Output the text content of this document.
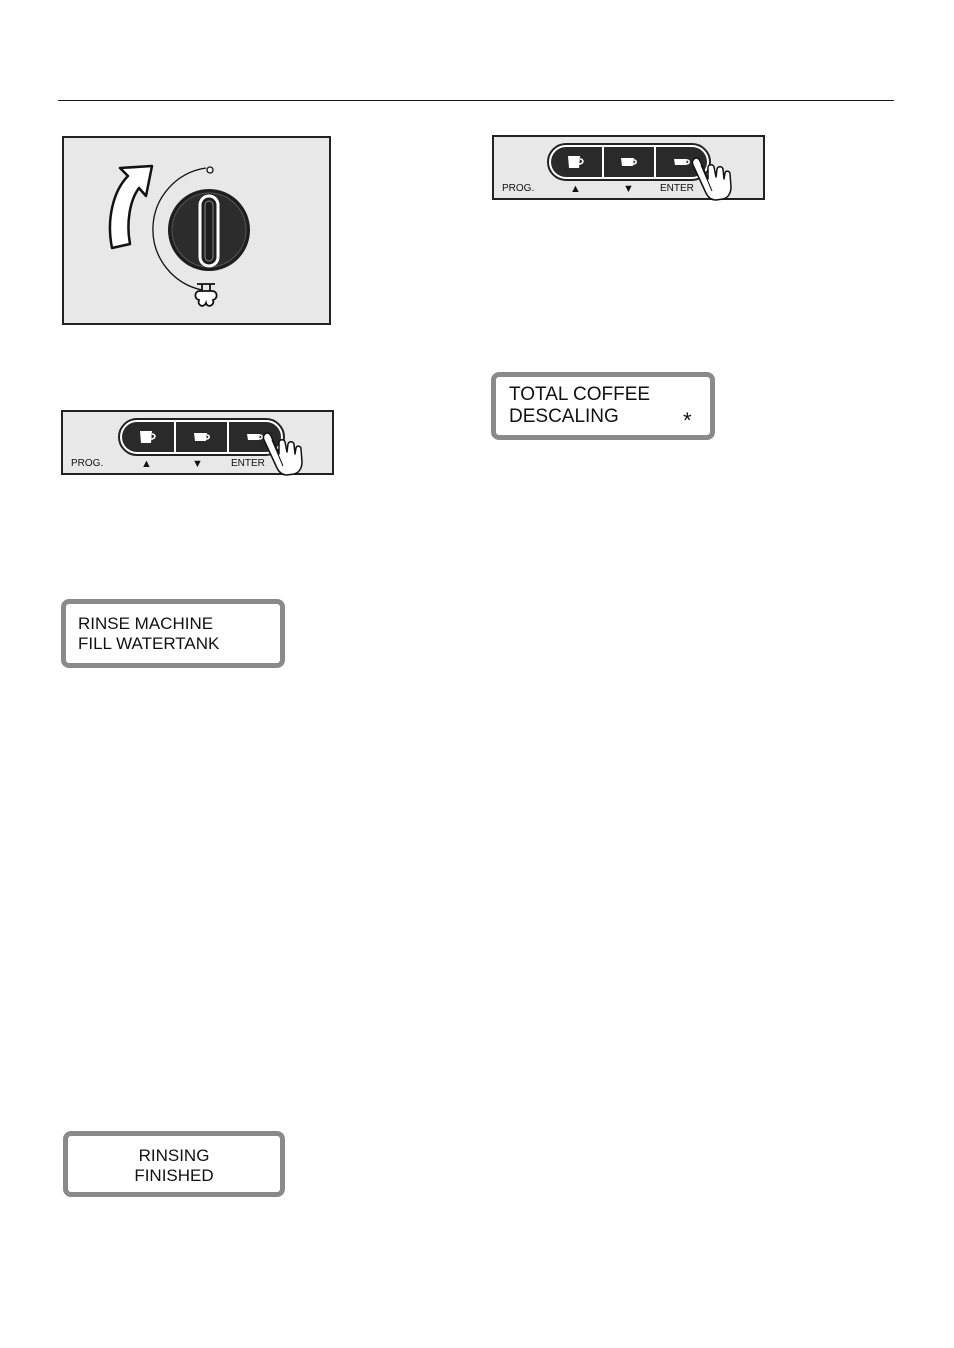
PROG.	▲	▼	ENTER
PROG.	▲	▼	ENTER
RINSE MACHINE
FILL WATERTANK
TOTAL COFFEE
DESCALING	*
RINSING
FINISHED
